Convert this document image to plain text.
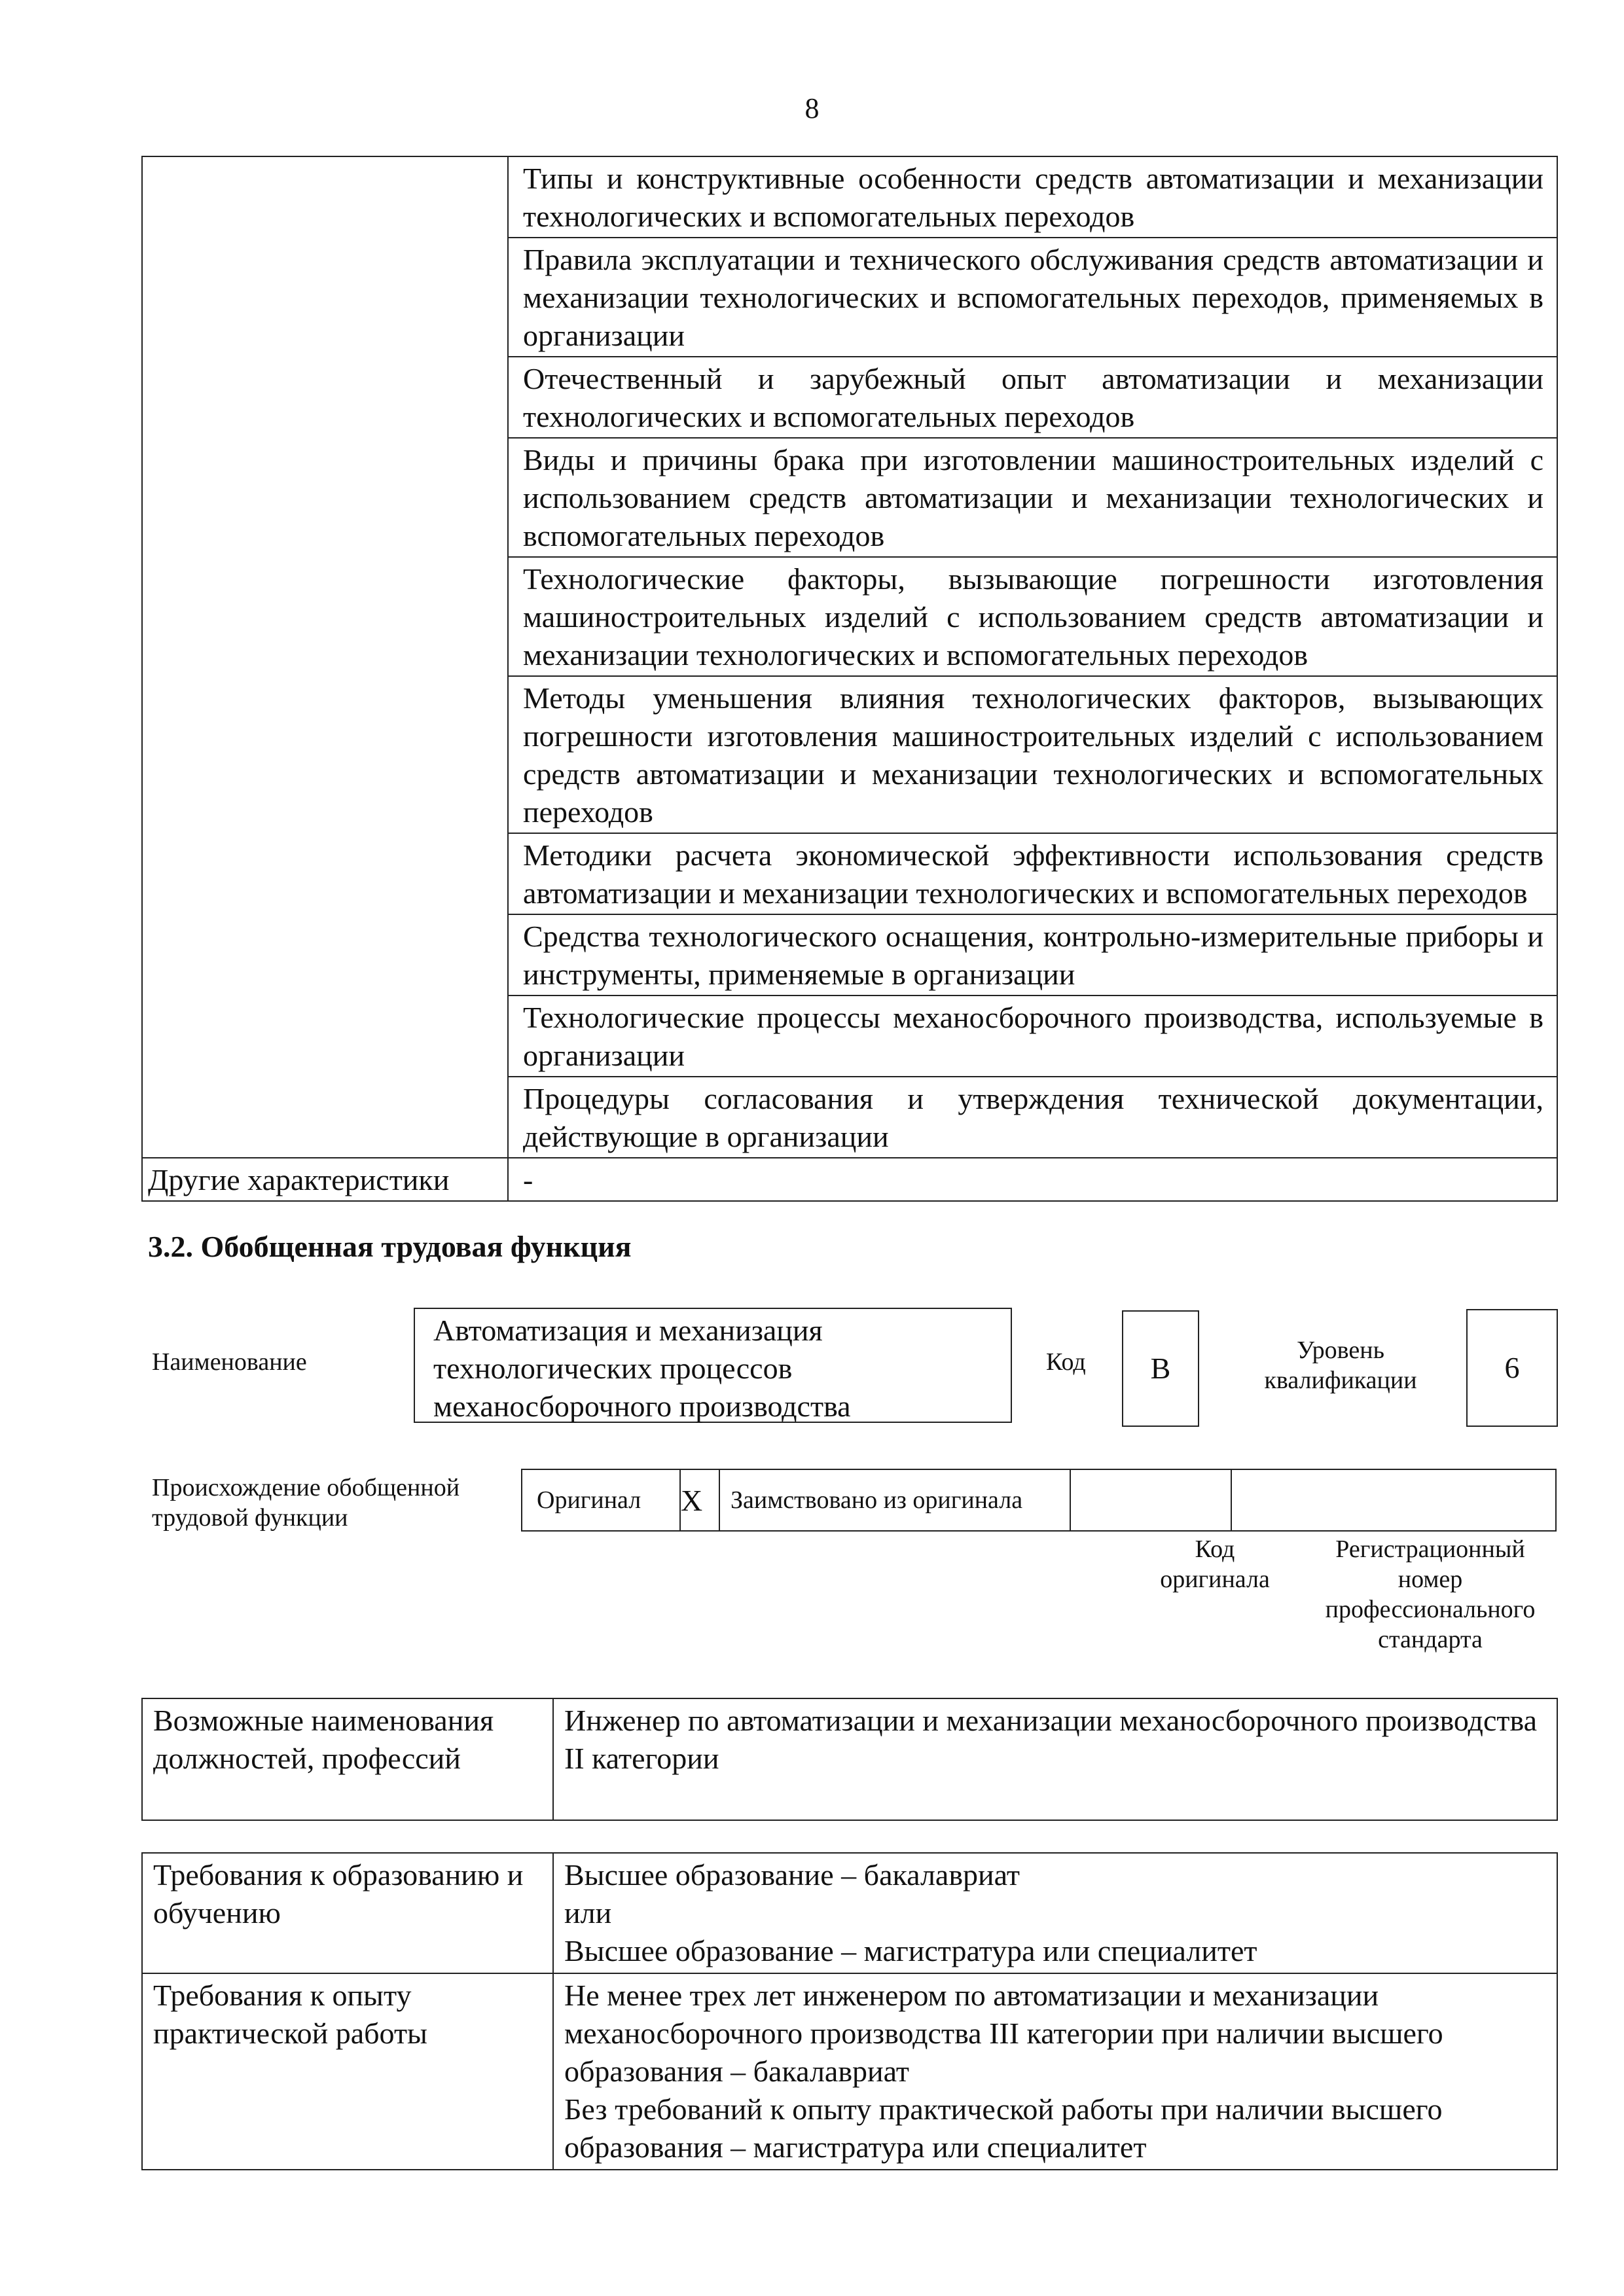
8

	Типы и конструктивные особенности средств автоматизации и механизации технологических и вспомогательных переходов

	Правила эксплуатации и технического обслуживания средств автоматизации и механизации технологических и вспомогательных переходов, применяемых в организации

	Отечественный и зарубежный опыт автоматизации и механизации технологических и вспомогательных переходов

	Виды и причины брака при изготовлении машиностроительных изделий с использованием средств автоматизации и механизации технологических и вспомогательных переходов

	Технологические факторы, вызывающие погрешности изготовления машиностроительных изделий с использованием средств автоматизации и механизации технологических и вспомогательных переходов

	Методы уменьшения влияния технологических факторов, вызывающих погрешности изготовления машиностроительных изделий с использованием средств автоматизации и механизации технологических и вспомогательных переходов

	Методики расчета экономической эффективности использования средств автоматизации и механизации технологических и вспомогательных переходов

	Средства технологического оснащения, контрольно-измерительные приборы и инструменты, применяемые в организации

	Технологические процессы механосборочного производства, используемые в организации

	Процедуры согласования и утверждения технической документации, действующие в организации

Другие характеристики	-
3.2. Обобщенная трудовая функция
Наименование
Автоматизация и механизация технологических процессов механосборочного производства
Код	B
Уровень квалификации	6
Происхождение обобщенной трудовой функции
Оригинал	X	Заимствовано из оригинала		
Код оригинала
Регистрационный номер профессионального стандарта
Возможные наименования должностей, профессий	Инженер по автоматизации и механизации механосборочного производства II категории
Требования к образованию и обучению	Высшее образование – бакалавриат
или
Высшее образование – магистратура или специалитет

Требования к опыту практической работы	Не менее трех лет инженером по автоматизации и механизации механосборочного производства III категории при наличии высшего образования – бакалавриат
Без требований к опыту практической работы при наличии высшего образования – магистратура или специалитет
